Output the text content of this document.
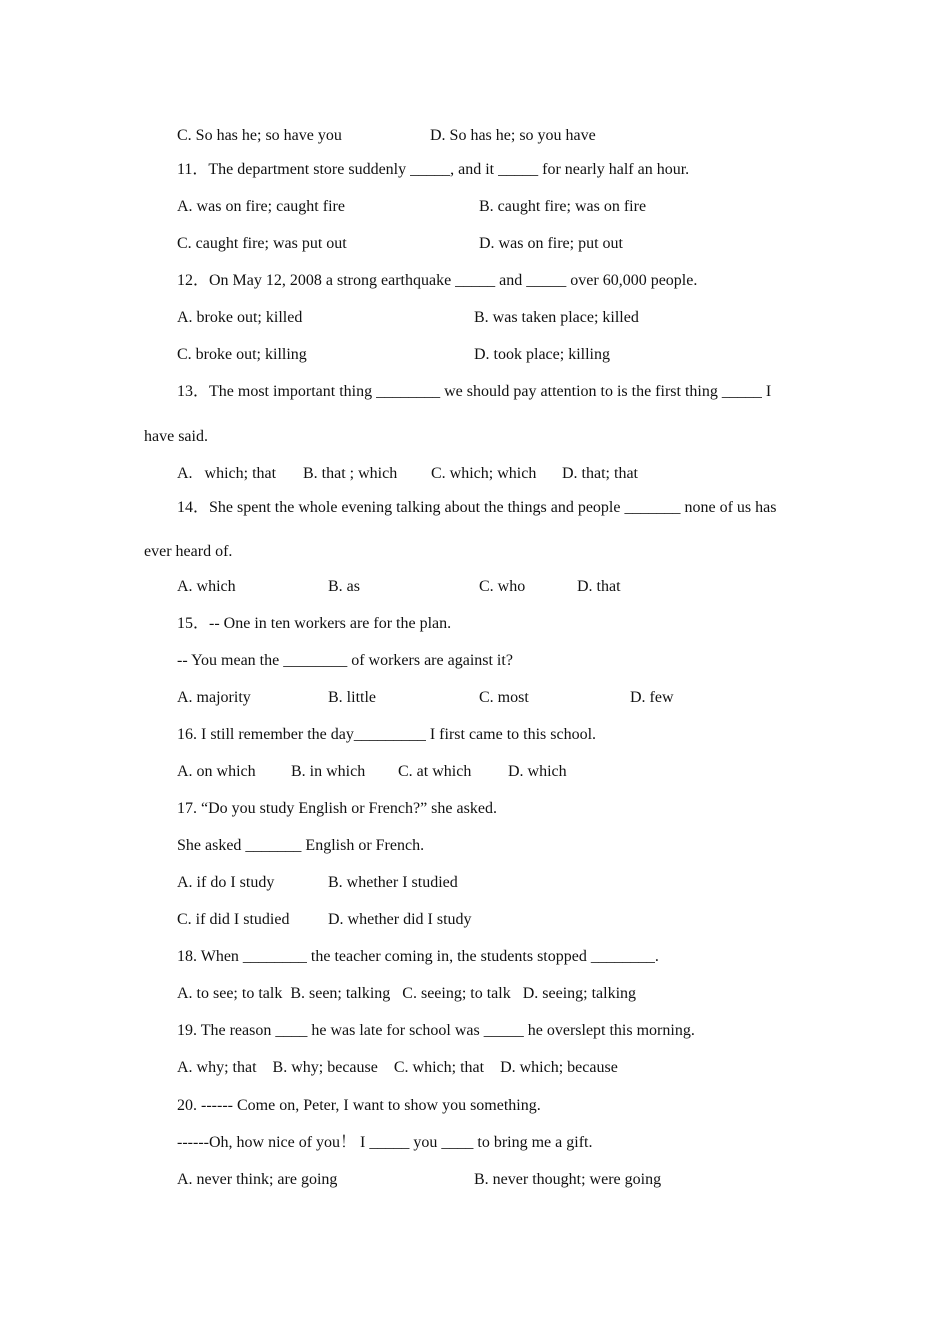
C. So has he; so have you	D. So has he; so you have
11．The department store suddenly _____, and it _____ for nearly half an hour.
A. was on fire; caught fire	B. caught fire; was on fire
C. caught fire; was put out	D. was on fire; put out
12．On May 12, 2008 a strong earthquake _____ and _____ over 60,000 people.
A. broke out; killed	B. was taken place; killed
C. broke out; killing	D. took place; killing
13．The most important thing ________ we should pay attention to is the first thing _____ I
have said.
A.   which; that B. that ; which C. which; which D. that; that
14．She spent the whole evening talking about the things and people _______ none of us has
ever heard of.
A. which	B. as	C. who	D. that
15．-- One in ten workers are for the plan.
-- You mean the ________ of workers are against it?
A. majority	B. little	C. most	D. few
16. I still remember the day_________ I first came to this school.
A. on which B. in which C. at which D. which
17. “Do you study English or French?” she asked.
She asked _______ English or French.
A. if do I study	B. whether I studied
C. if did I studied D. whether did I study
18. When ________ the teacher coming in, the students stopped ________.
A. to see; to talk  B. seen; talking   C. seeing; to talk   D. seeing; talking
19. The reason ____ he was late for school was _____ he overslept this morning.
A. why; that    B. why; because    C. which; that    D. which; because
20. ------ Come on, Peter, I want to show you something.
------Oh, how nice of you！ I _____ you ____ to bring me a gift.
A. never think; are going	B. never thought; were going
